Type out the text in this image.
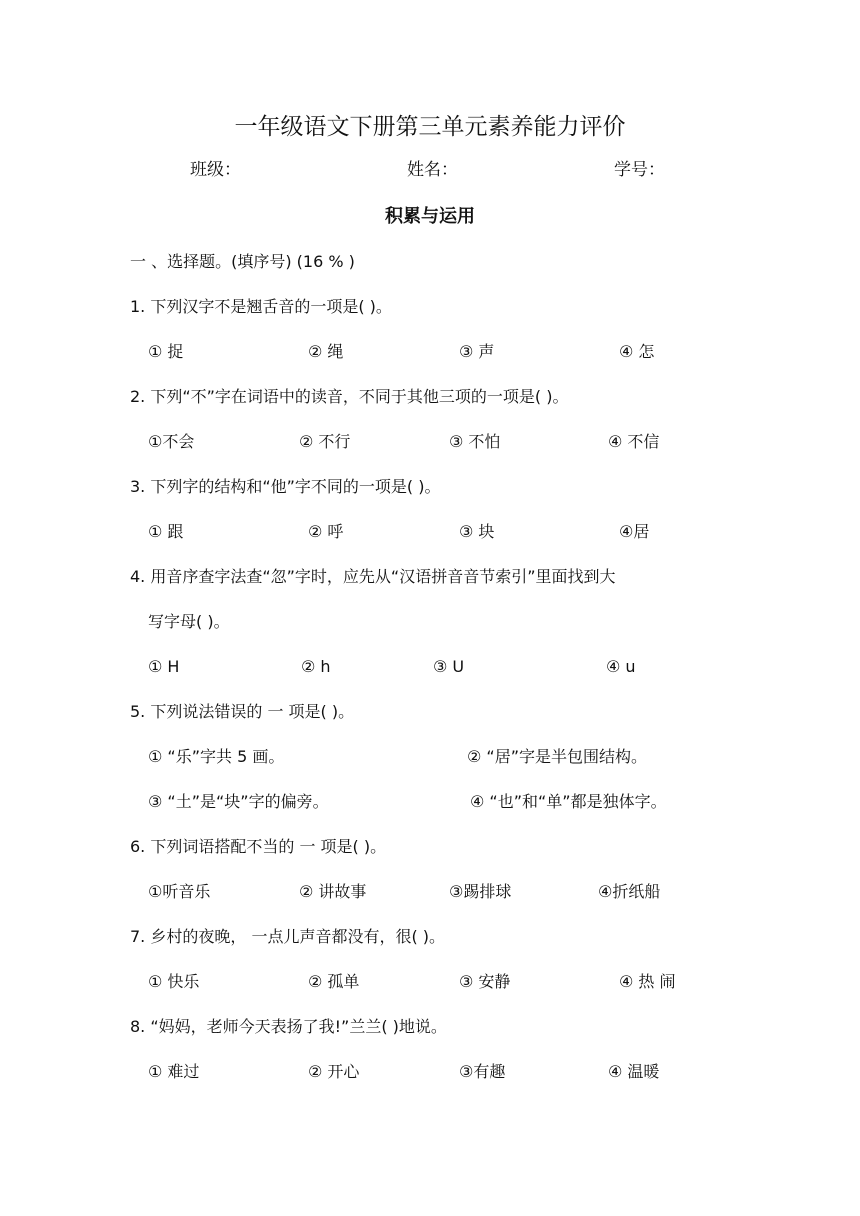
一年级语文下册第三单元素养能力评价
班级：	姓名：	学号：
积累与运用
一 、选择题。(填序号) (16 % )
1. 下列汉字不是翘舌音的一项是( )。
① 捉	② 绳	③ 声	④ 怎
2. 下列“不”字在词语中的读音，不同于其他三项的一项是( )。
①不会	② 不行	③ 不怕	④ 不信
3. 下列字的结构和“他”字不同的一项是( )。
① 跟	② 呼	③ 块	④居
4. 用音序查字法查“忽”字时，应先从“汉语拼音音节索引”里面找到大
写字母( )。
① H	② h	③ U	④ u
5. 下列说法错误的 一 项是( )。
① “乐”字共 5 画。	② “居”字是半包围结构。
③ “土”是“块”字的偏旁。	④ “也”和“单”都是独体字。
6. 下列词语搭配不当的 一 项是( )。
①听音乐	② 讲故事	③踢排球	④折纸船
7. 乡村的夜晚， 一点儿声音都没有，很( )。
① 快乐	② 孤单	③ 安静	④ 热 闹
8. “妈妈，老师今天表扬了我!”兰兰( )地说。
① 难过	② 开心	③有趣	④ 温暖
